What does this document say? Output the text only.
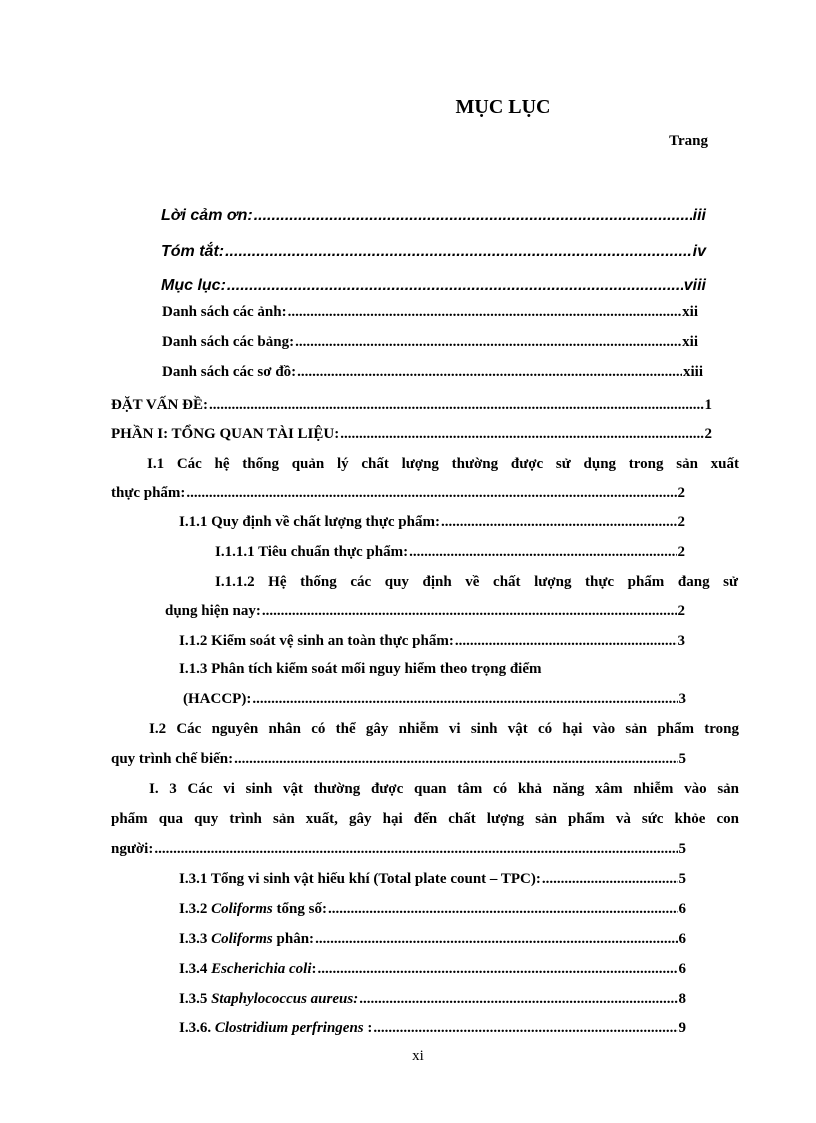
MỤC LỤC
Trang
Lời cảm ơn: .....	iii
Tóm tắt: .....	iv
Mục lục: .....	viii
Danh sách các ảnh: .....	xii
Danh sách các bảng: .....	xii
Danh sách các sơ đồ: .....	xiii
ĐẶT VẤN ĐỀ: .....	1
PHẦN I: TỔNG QUAN TÀI LIỆU: .....	2
I.1 Các hệ thống quản lý chất lượng thường được sử dụng trong sản xuất
thực phẩm: .....	2
I.1.1 Quy định về chất lượng thực phẩm: .....	2
I.1.1.1 Tiêu chuẩn thực phẩm: .....	2
I.1.1.2 Hệ thống các quy định về chất lượng thực phẩm đang sử
dụng hiện nay: .....	2
I.1.2 Kiểm soát vệ sinh an toàn thực phẩm: .....	3
I.1.3 Phân tích kiểm soát mối nguy hiểm theo trọng điểm
(HACCP): .....	3
I.2 Các nguyên nhân có thể gây nhiễm vi sinh vật có hại vào sản phẩm trong
quy trình chế biến: .....	5
I. 3 Các vi sinh vật thường được quan tâm có khả năng xâm nhiễm vào sản
phẩm qua quy trình sản xuất, gây hại đến chất lượng sản phẩm và sức khỏe con
người: .....	5
I.3.1 Tổng vi sinh vật hiếu khí (Total plate count – TPC): .....	5
I.3.2 Coliforms tổng số: .....	6
I.3.3 Coliforms phân: .....	6
I.3.4 Escherichia coli: .....	6
I.3.5 Staphylococcus aureus: .....	8
I.3.6. Clostridium perfringens : .....	9
xi
